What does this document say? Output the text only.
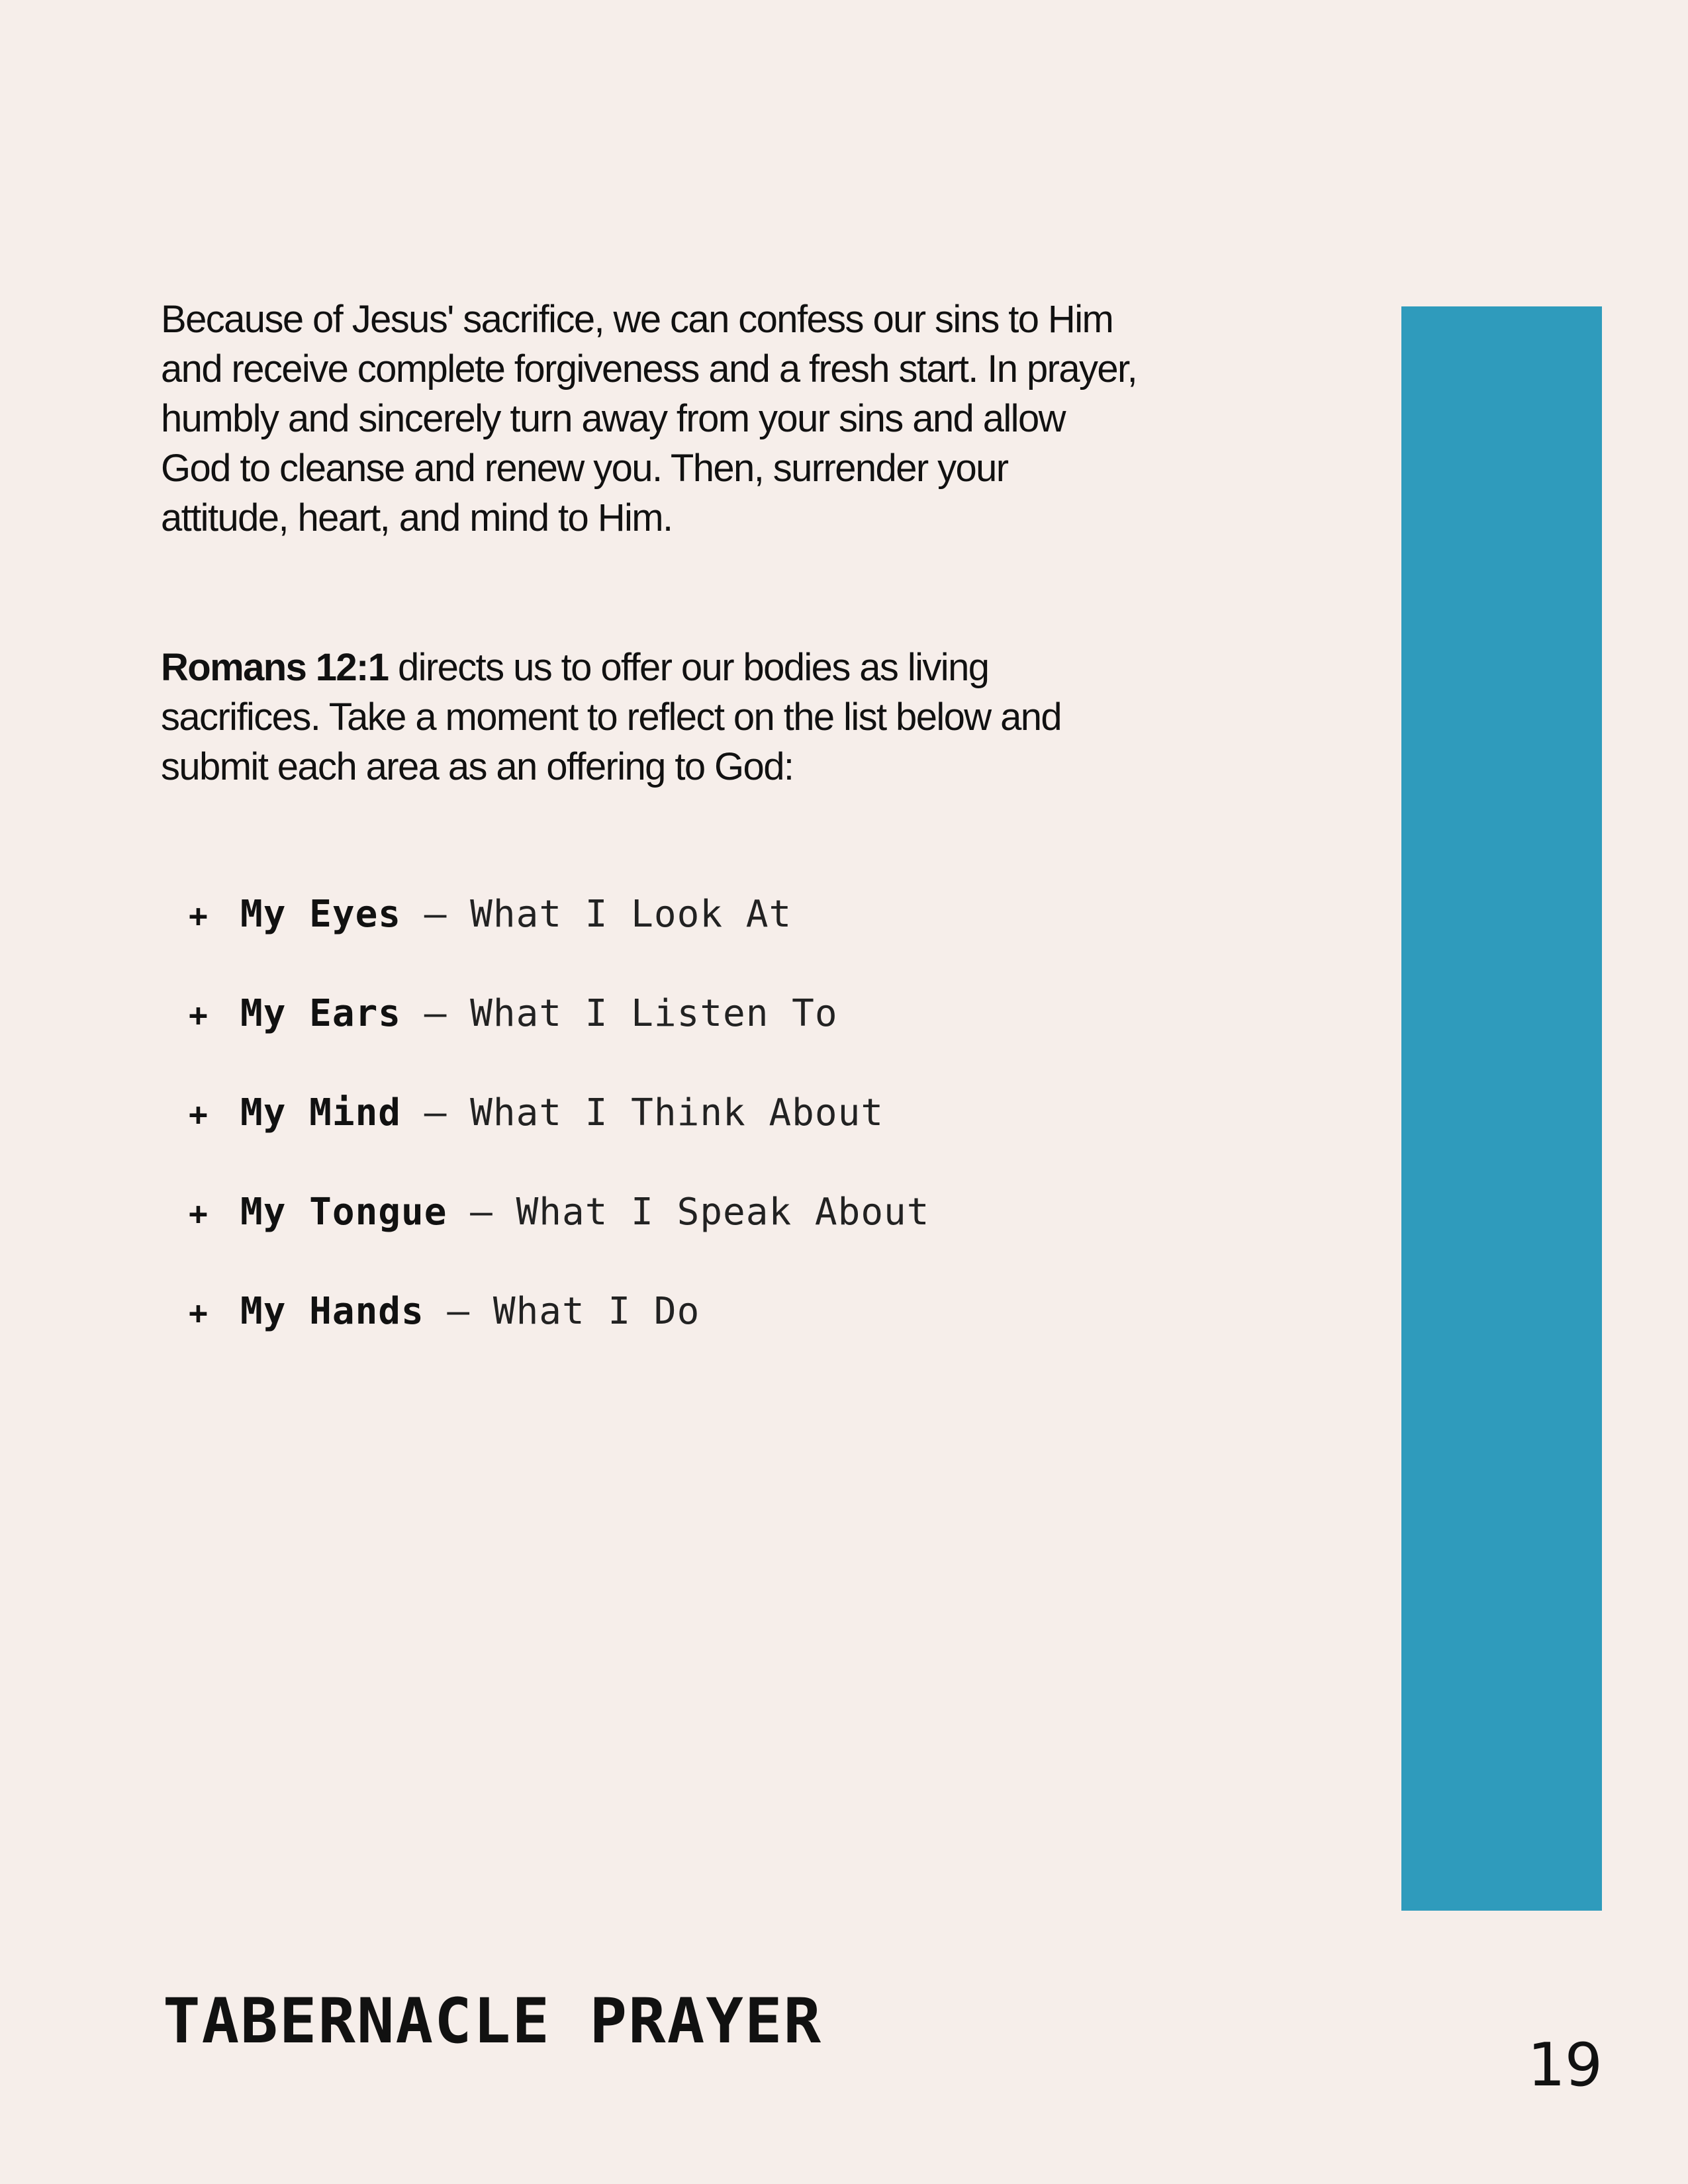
Because of Jesus' sacrifice, we can confess our sins to Him and receive complete forgiveness and a fresh start. In prayer, humbly and sincerely turn away from your sins and allow God to cleanse and renew you. Then, surrender your attitude, heart, and mind to Him.

Romans 12:1 directs us to offer our bodies as living sacrifices. Take a moment to reflect on the list below and submit each area as an offering to God:

+ My Eyes — What I Look At
+ My Ears — What I Listen To
+ My Mind — What I Think About
+ My Tongue — What I Speak About
+ My Hands — What I Do
TABERNACLE PRAYER
19
